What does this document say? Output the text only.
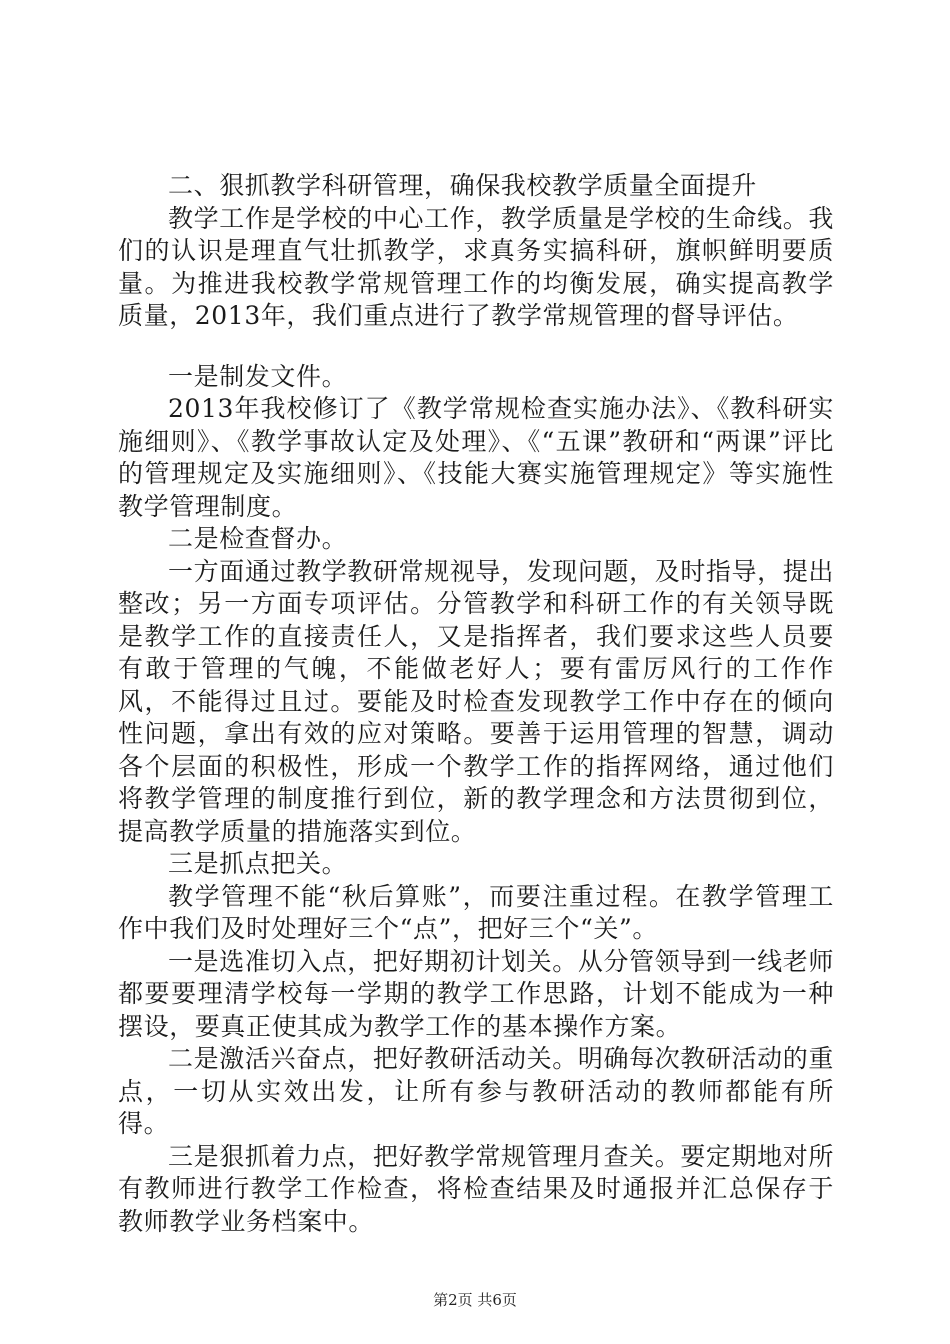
二、狠抓教学科研管理，确保我校教学质量全面提升

教学工作是学校的中心工作，教学质量是学校的生命线。我们的认识是理直气壮抓教学，求真务实搞科研，旗帜鲜明要质量。为推进我校教学常规管理工作的均衡发展，确实提高教学质量，2013年，我们重点进行了教学常规管理的督导评估。

一是制发文件。

2013年我校修订了《教学常规检查实施办法》、《教科研实施细则》、《教学事故认定及处理》、《“五课”教研和“两课”评比的管理规定及实施细则》、《技能大赛实施管理规定》等实施性教学管理制度。

二是检查督办。

一方面通过教学教研常规视导，发现问题，及时指导，提出整改；另一方面专项评估。分管教学和科研工作的有关领导既是教学工作的直接责任人，又是指挥者，我们要求这些人员要有敢于管理的气魄，不能做老好人；要有雷厉风行的工作作风，不能得过且过。要能及时检查发现教学工作中存在的倾向性问题，拿出有效的应对策略。要善于运用管理的智慧，调动各个层面的积极性，形成一个教学工作的指挥网络，通过他们将教学管理的制度推行到位，新的教学理念和方法贯彻到位，提高教学质量的措施落实到位。

三是抓点把关。

教学管理不能“秋后算账”，而要注重过程。在教学管理工作中我们及时处理好三个“点”，把好三个“关”。

一是选准切入点，把好期初计划关。从分管领导到一线老师都要要理清学校每一学期的教学工作思路，计划不能成为一种摆设，要真正使其成为教学工作的基本操作方案。

二是激活兴奋点，把好教研活动关。明确每次教研活动的重点，一切从实效出发，让所有参与教研活动的教师都能有所得。

三是狠抓着力点，把好教学常规管理月查关。要定期地对所有教师进行教学工作检查，将检查结果及时通报并汇总保存于教师教学业务档案中。

第2页 共6页
